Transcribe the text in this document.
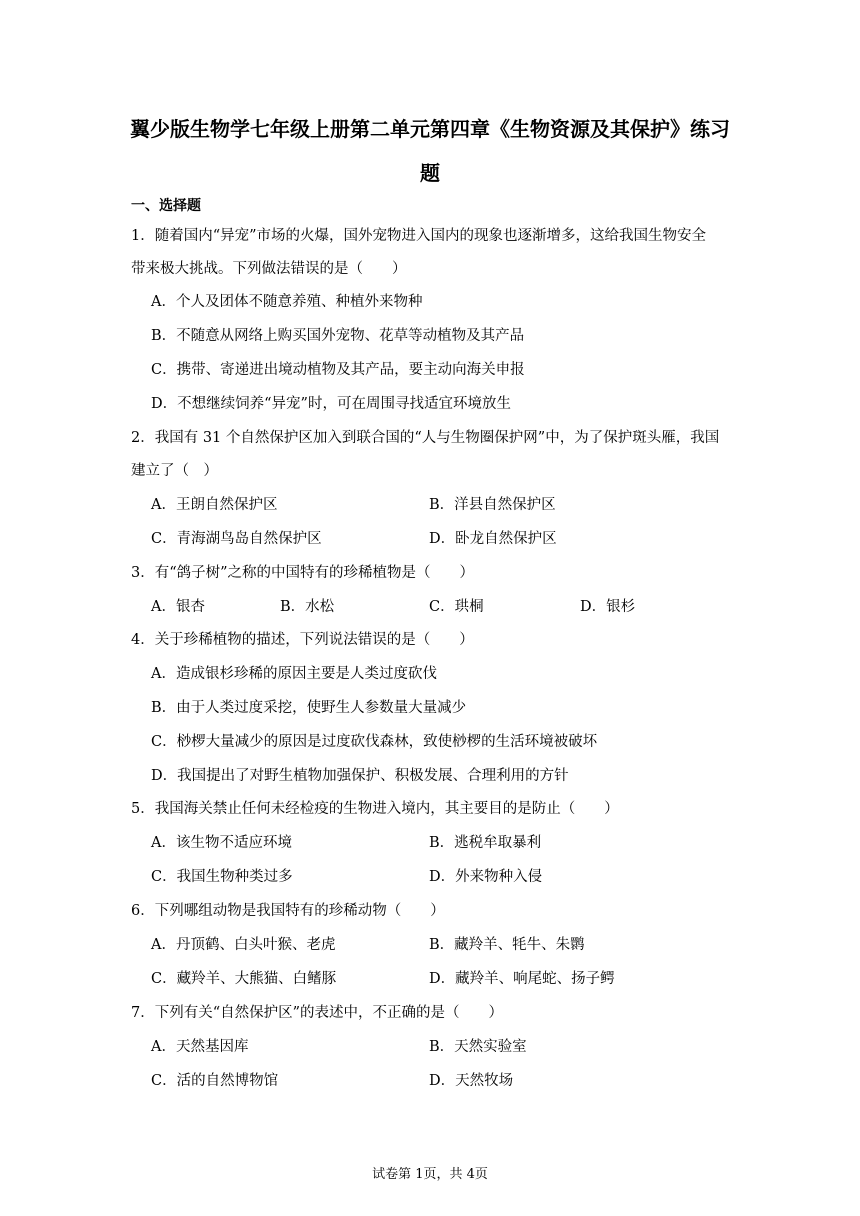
翼少版生物学七年级上册第二单元第四章《生物资源及其保护》练习
题
一、选择题
1．随着国内“异宠”市场的火爆，国外宠物进入国内的现象也逐渐增多，这给我国生物安全
带来极大挑战。下列做法错误的是（　　）
A．个人及团体不随意养殖、种植外来物种
B．不随意从网络上购买国外宠物、花草等动植物及其产品
C．携带、寄递进出境动植物及其产品，要主动向海关申报
D．不想继续饲养“异宠”时，可在周围寻找适宜环境放生
2．我国有 31 个自然保护区加入到联合国的“人与生物圈保护网”中，为了保护斑头雁，我国
建立了（　）
A．王朗自然保护区	B．洋县自然保护区
C．青海湖鸟岛自然保护区	D．卧龙自然保护区
3．有“鸽子树”之称的中国特有的珍稀植物是（　　）
A．银杏	B．水松	C．珙桐	D．银杉
4．关于珍稀植物的描述，下列说法错误的是（　　）
A．造成银杉珍稀的原因主要是人类过度砍伐
B．由于人类过度采挖，使野生人参数量大量减少
C．桫椤大量减少的原因是过度砍伐森林，致使桫椤的生活环境被破坏
D．我国提出了对野生植物加强保护、积极发展、合理利用的方针
5．我国海关禁止任何未经检疫的生物进入境内，其主要目的是防止（　　）
A．该生物不适应环境	B．逃税牟取暴利
C．我国生物种类过多	D．外来物种入侵
6．下列哪组动物是我国特有的珍稀动物（　　）
A．丹顶鹤、白头叶猴、老虎	B．藏羚羊、牦牛、朱鹮
C．藏羚羊、大熊猫、白鳍豚	D．藏羚羊、响尾蛇、扬子鳄
7．下列有关“自然保护区”的表述中，不正确的是（　　）
A．天然基因库	B．天然实验室
C．活的自然博物馆	D．天然牧场
试卷第 1页，共 4页
